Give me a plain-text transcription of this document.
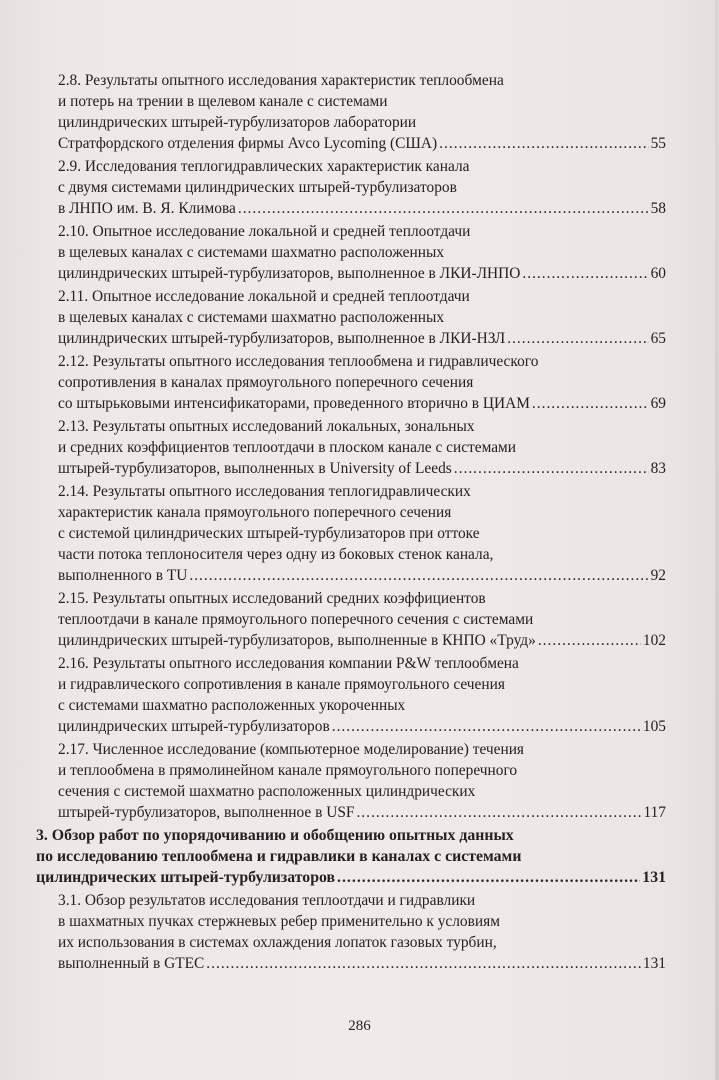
2.8. Результаты опытного исследования характеристик теплообмена
и потерь на трении в щелевом канале с системами
цилиндрических штырей-турбулизаторов лаборатории
Стратфордского отделения фирмы Avco Lycoming (США) .....	55
2.9. Исследования теплогидравлических характеристик канала
с двумя системами цилиндрических штырей-турбулизаторов
в ЛНПО им. В. Я. Климова .....	58
2.10. Опытное исследование локальной и средней теплоотдачи
в щелевых каналах с системами шахматно расположенных
цилиндрических штырей-турбулизаторов, выполненное в ЛКИ-ЛНПО .....	60
2.11. Опытное исследование локальной и средней теплоотдачи
в щелевых каналах с системами шахматно расположенных
цилиндрических штырей-турбулизаторов, выполненное в ЛКИ-НЗЛ .....	65
2.12. Результаты опытного исследования теплообмена и гидравлического
сопротивления в каналах прямоугольного поперечного сечения
со штырьковыми интенсификаторами, проведенного вторично в ЦИАМ .....	69
2.13. Результаты опытных исследований локальных, зональных
и средних коэффициентов теплоотдачи в плоском канале с системами
штырей-турбулизаторов, выполненных в University of Leeds .....	83
2.14. Результаты опытного исследования теплогидравлических
характеристик канала прямоугольного поперечного сечения
с системой цилиндрических штырей-турбулизаторов при оттоке
части потока теплоносителя через одну из боковых стенок канала,
выполненного в TU .....	92
2.15. Результаты опытных исследований средних коэффициентов
теплоотдачи в канале прямоугольного поперечного сечения с системами
цилиндрических штырей-турбулизаторов, выполненные в КНПО «Труд» .....	102
2.16. Результаты опытного исследования компании P&W теплообмена
и гидравлического сопротивления в канале прямоугольного сечения
с системами шахматно расположенных укороченных
цилиндрических штырей-турбулизаторов .....	105
2.17. Численное исследование (компьютерное моделирование) течения
и теплообмена в прямолинейном канале прямоугольного поперечного
сечения с системой шахматно расположенных цилиндрических
штырей-турбулизаторов, выполненное в USF .....	117
3. Обзор работ по упорядочиванию и обобщению опытных данных
по исследованию теплообмена и гидравлики в каналах с системами
цилиндрических штырей-турбулизаторов .....	131
3.1. Обзор результатов исследования теплоотдачи и гидравлики
в шахматных пучках стержневых ребер применительно к условиям
их использования в системах охлаждения лопаток газовых турбин,
выполненный в GTEC .....	131
286
